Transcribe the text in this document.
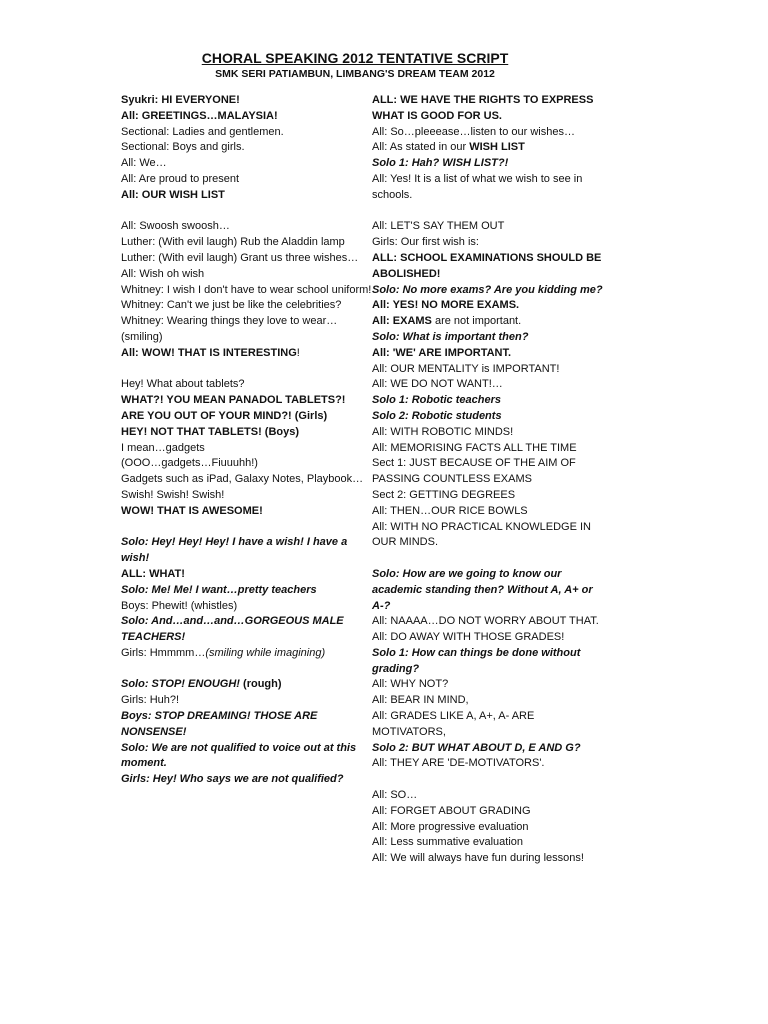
CHORAL SPEAKING 2012 TENTATIVE SCRIPT
SMK SERI PATIAMBUN, LIMBANG'S DREAM TEAM 2012

Syukri: HI EVERYONE!

All: GREETINGS…MALAYSIA!

Sectional: Ladies and gentlemen.

Sectional: Boys and girls.

All: We…

All: Are proud to present

All: OUR WISH LIST

All: Swoosh swoosh…

Luther: (With evil laugh) Rub the Aladdin lamp

Luther: (With evil laugh) Grant us three wishes…

All: Wish oh wish

Whitney: I wish I don't have to wear school uniform!

Whitney: Can't we just be like the celebrities?

Whitney: Wearing things they love to wear…(smiling)

All: WOW! THAT IS INTERESTING!

Hey! What about tablets?

WHAT?! YOU MEAN PANADOL TABLETS?!

ARE YOU OUT OF YOUR MIND?! (Girls)

HEY! NOT THAT TABLETS! (Boys)

I mean…gadgets

(OOO…gadgets…Fiuuuhh!)

Gadgets such as iPad, Galaxy Notes, Playbook…

Swish! Swish! Swish!

WOW! THAT IS AWESOME!

Solo: Hey! Hey! Hey! I have a wish! I have a wish!

ALL: WHAT!

Solo: Me! Me! I want…pretty teachers

Boys: Phewit! (whistles)

Solo: And…and…and…GORGEOUS MALE TEACHERS!

Girls: Hmmmm…(smiling while imagining)

Solo: STOP! ENOUGH! (rough)

Girls: Huh?!

Boys: STOP DREAMING! THOSE ARE NONSENSE!

Solo: We are not qualified to voice out at this moment.

Girls: Hey! Who says we are not qualified?

ALL: WE HAVE THE RIGHTS TO EXPRESS WHAT IS GOOD FOR US.

All: So…pleeease…listen to our wishes…

All: As stated in our WISH LIST

Solo 1: Hah? WISH LIST?!

All: Yes! It is a list of what we wish to see in schools.

All: LET'S SAY THEM OUT

Girls: Our first wish is:

ALL: SCHOOL EXAMINATIONS SHOULD BE ABOLISHED!

Solo: No more exams? Are you kidding me?

All: YES! NO MORE EXAMS.

All: EXAMS are not important.

Solo: What is important then?

All: 'WE' ARE IMPORTANT.

All: OUR MENTALITY is IMPORTANT!

All: WE DO NOT WANT!…

Solo 1: Robotic teachers

Solo 2: Robotic students

All: WITH ROBOTIC MINDS!

All: MEMORISING FACTS ALL THE TIME

Sect 1: JUST BECAUSE OF THE AIM OF PASSING COUNTLESS EXAMS

Sect 2: GETTING DEGREES

All: THEN…OUR RICE BOWLS

All: WITH NO PRACTICAL KNOWLEDGE IN OUR MINDS.

Solo: How are we going to know our academic standing then? Without A, A+ or A-?

All: NAAAA…DO NOT WORRY ABOUT THAT.

All: DO AWAY WITH THOSE GRADES!

Solo 1: How can things be done without grading?

All: WHY NOT?

All: BEAR IN MIND,

All: GRADES LIKE A, A+, A- ARE MOTIVATORS,

Solo 2: BUT WHAT ABOUT D, E AND G?

All: THEY ARE 'DE-MOTIVATORS'.

All: SO…

All: FORGET ABOUT GRADING

All: More progressive evaluation

All: Less summative evaluation

All: We will always have fun during lessons!
